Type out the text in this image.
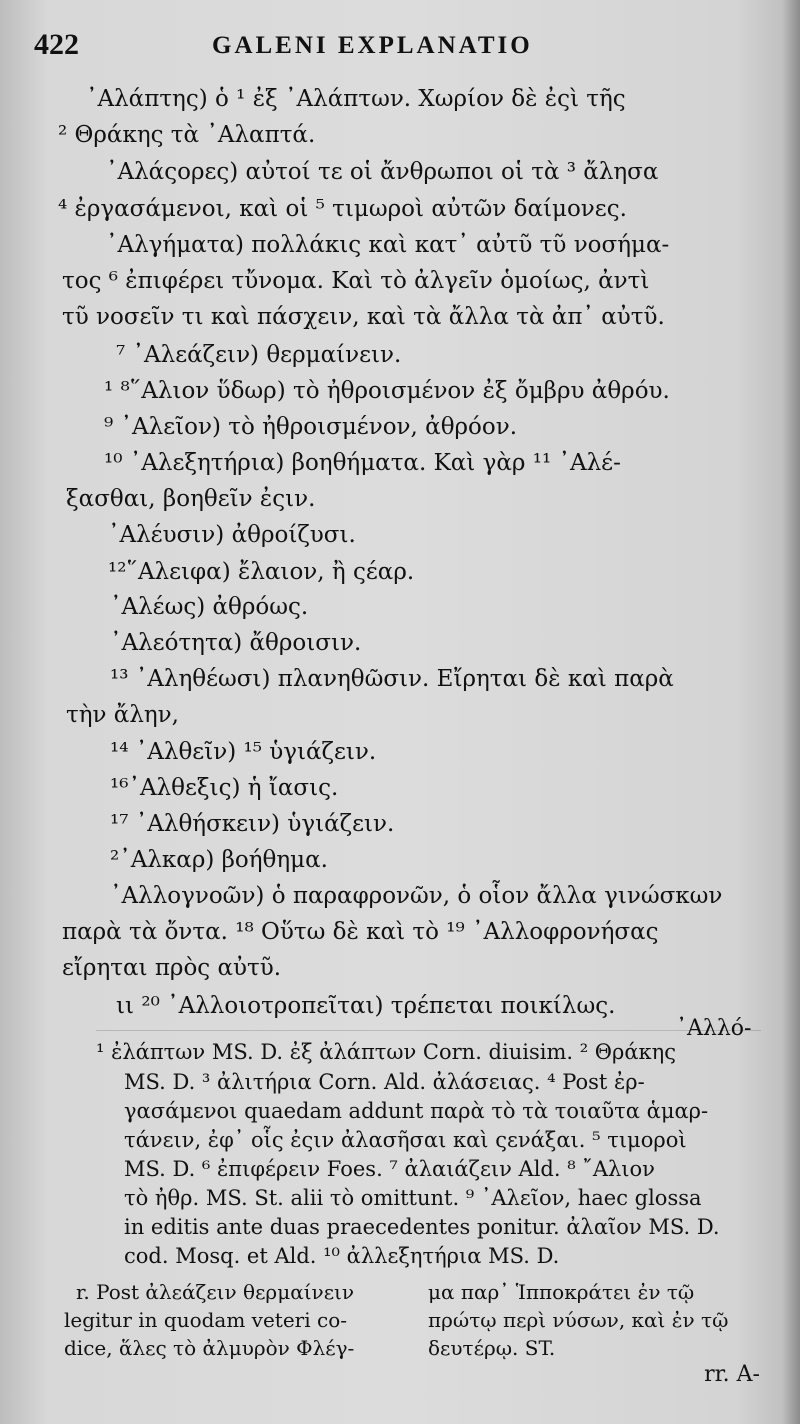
422	GALENI EXPLANATIO
᾿Αλάπτης) ὁ ¹ ἐξ ᾿Αλάπτων. Χωρίον δὲ ἐςὶ τῆς
² Θράκης τὰ ᾿Αλαπτά.
᾿Αλάςορες) αὐτοί τε οἱ ἄνθρωποι οἱ τὰ ³ ἄλησα
⁴ ἐργασάμενοι, καὶ οἱ ⁵ τιμωροὶ αὐτῶν δαίμονες.
᾿Αλγήματα) πολλάκις καὶ κατ᾿ αὐτῦ τῦ νοσήμα-
τος ⁶ ἐπιφέρει τὔνομα. Καὶ τὸ ἀλγεῖν ὁμοίως, ἀντὶ
τῦ νοσεῖν τι καὶ πάσχειν, καὶ τὰ ἄλλα τὰ ἀπ᾿ αὐτῦ.
⁷ ᾿Αλεάζειν) θερμαίνειν.
¹ ⁸῞Αλιον ὕδωρ) τὸ ἠθροισμένον ἐξ ὄμβρυ ἀθρόυ.
⁹ ᾿Αλεῖον) τὸ ἠθροισμένον, ἀθρόον.
¹⁰ ᾿Αλεξητήρια) βοηθήματα. Καὶ γὰρ ¹¹ ᾿Αλέ-
ξασθαι, βοηθεῖν ἐςιν.
᾿Αλέυσιν) ἀθροίζυσι.
¹²῞Αλειφα) ἔλαιον, ἢ ςέαρ.
᾿Αλέως) ἀθρόως.
᾿Αλεότητα) ἄθροισιν.
¹³ ᾿Αληθέωσι) πλανηθῶσιν. Εἴρηται δὲ καὶ παρὰ
τὴν ἄλην,
¹⁴ ᾿Αλθεῖν) ¹⁵ ὑγιάζειν.
¹⁶᾿Αλθεξις) ἡ ἴασις.
¹⁷ ᾿Αλθήσκειν) ὑγιάζειν.
²᾿Αλκαρ) βοήθημα.
᾿Αλλογνοῶν) ὁ παραφρονῶν, ὁ οἷον ἄλλα γινώσκων
παρὰ τὰ ὄντα. ¹⁸ Οὕτω δὲ καὶ τὸ ¹⁹ ᾿Αλλοφρονήσας
εἴρηται πρὸς αὐτῦ.
ιι ²⁰ ᾿Αλλοιοτροπεῖται) τρέπεται ποικίλως.
᾿Αλλό-
¹ ἐλάπτων MS. D. ἐξ ἀλάπτων Corn. diuisim. ² Θράκης
MS. D. ³ ἀλιτήρια Corn. Ald. ἀλάσειας. ⁴ Post ἐρ-
γασάμενοι quaedam addunt παρὰ τὸ τὰ τοιαῦτα ἁμαρ-
τάνειν, ἐφ᾿ οἷς ἐςιν ἀλασῆσαι καὶ ςενάξαι. ⁵ τιμοροὶ
MS. D. ⁶ ἐπιφέρειν Foes. ⁷ ἀλαιάζειν Ald. ⁸ ῎Αλιον
τὸ ἠθρ. MS. St. alii τὸ omittunt. ⁹ ᾿Αλεῖον, haec glossa
in editis ante duas praecedentes ponitur. ἀλαῖον MS. D.
cod. Mosq. et Ald. ¹⁰ ἀλλεξητήρια MS. D.
r. Post ἀλεάζειν θερμαίνειν
legitur in quodam veteri co-
dice, ἅλες τὸ ἀλμυρὸν Φλέγ-
μα παρ᾿ Ἱπποκράτει ἐν τῷ
πρώτῳ περὶ νύσων, καὶ ἐν τῷ
δευτέρῳ. ST.
rr. A-
